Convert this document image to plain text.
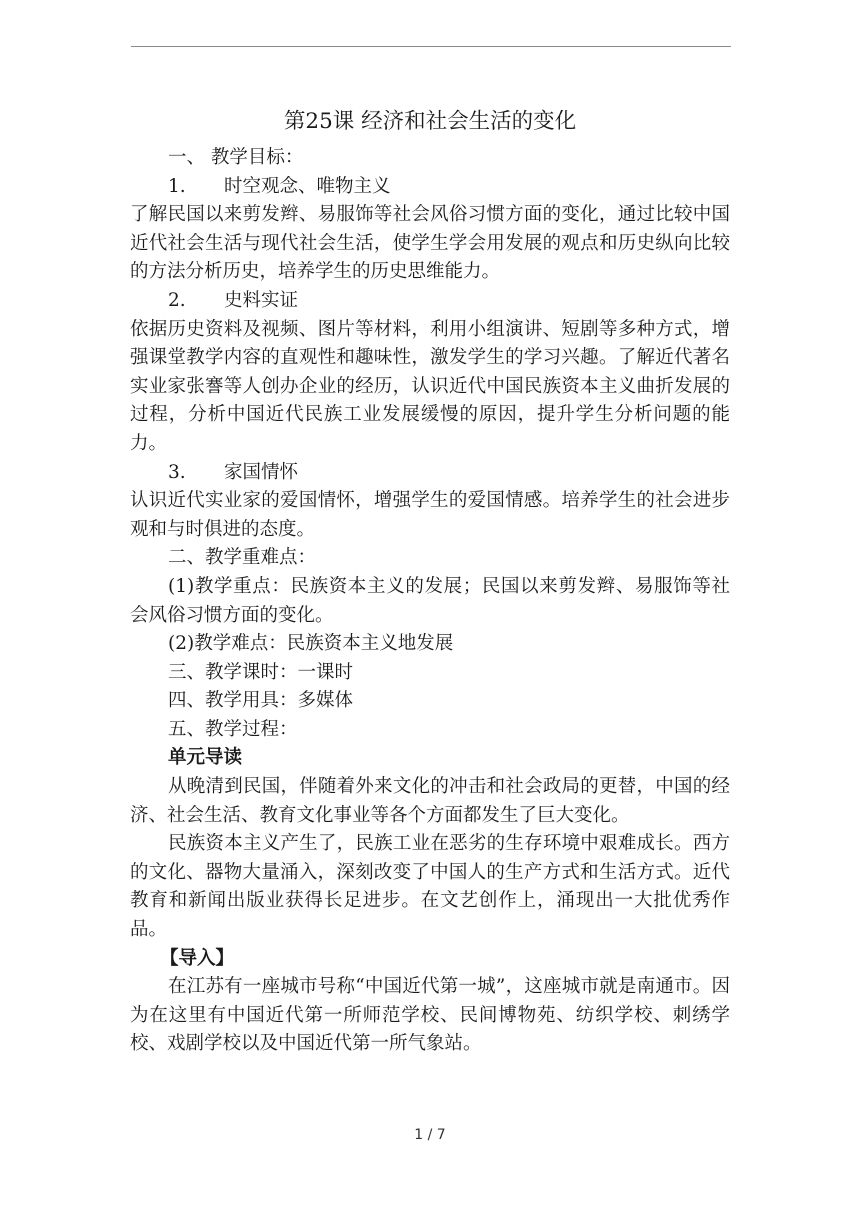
第25课 经济和社会生活的变化

一、 教学目标：

1. 时空观念、唯物主义

了解民国以来剪发辫、易服饰等社会风俗习惯方面的变化，通过比较中国近代社会生活与现代社会生活，使学生学会用发展的观点和历史纵向比较的方法分析历史，培养学生的历史思维能力。

2. 史料实证

依据历史资料及视频、图片等材料，利用小组演讲、短剧等多种方式，增强课堂教学内容的直观性和趣味性，激发学生的学习兴趣。了解近代著名实业家张謇等人创办企业的经历，认识近代中国民族资本主义曲折发展的过程，分析中国近代民族工业发展缓慢的原因，提升学生分析问题的能力。

3. 家国情怀

认识近代实业家的爱国情怀，增强学生的爱国情感。培养学生的社会进步观和与时俱进的态度。

二、教学重难点：

(1)教学重点：民族资本主义的发展；民国以来剪发辫、易服饰等社会风俗习惯方面的变化。

(2)教学难点：民族资本主义地发展

三、教学课时：一课时

四、教学用具：多媒体

五、教学过程：

单元导读

从晚清到民国，伴随着外来文化的冲击和社会政局的更替，中国的经济、社会生活、教育文化事业等各个方面都发生了巨大变化。

民族资本主义产生了，民族工业在恶劣的生存环境中艰难成长。西方的文化、器物大量涌入，深刻改变了中国人的生产方式和生活方式。近代教育和新闻出版业获得长足进步。在文艺创作上，涌现出一大批优秀作品。

【导入】

在江苏有一座城市号称“中国近代第一城”，这座城市就是南通市。因为在这里有中国近代第一所师范学校、民间博物苑、纺织学校、刺绣学校、戏剧学校以及中国近代第一所气象站。

1 / 7
